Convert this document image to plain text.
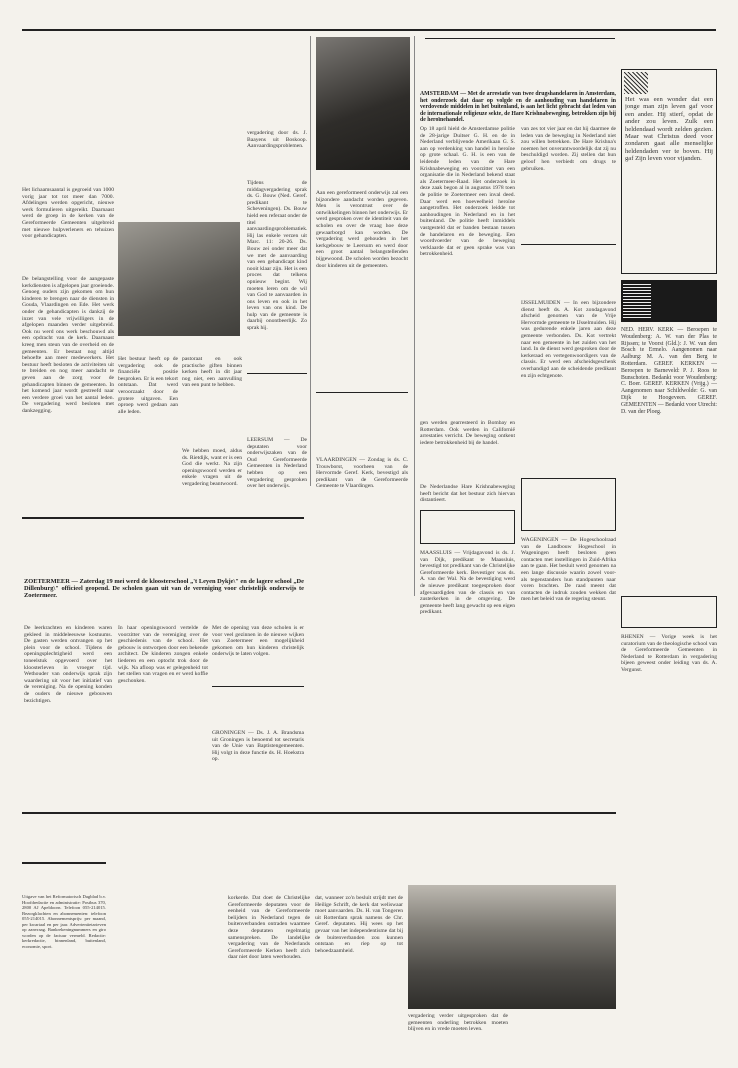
Het lichaamsaantal is gegroeid van 1000 vorig jaar tot tot meer dan 7000. Afdelingen werden opgericht, nieuwe werk formulieren uitgereikt. Daarnaast werd de groep in de kerken van de Gereformeerde Gemeenten uitgebreid met nieuwe hulpverleners en tehuizen voor gehandicapten.
De belangstelling voor de aangepaste kerkdiensten is afgelopen jaar groeiende. Genoeg ouders zijn gekomen om hun kinderen te brengen naar de diensten in Gouda, Vlaardingen en Ede. Het werk onder de gehandicapten is dankzij de inzet van vele vrijwilligers in de afgelopen maanden verder uitgebreid. Ook nu werd ons werk beschouwd als een opdracht van de kerk. Daarnaast kreeg men steun van de overheid en de gemeenten. Er bestaat nog altijd behoefte aan meer medewerkers. Het bestuur heeft besloten de activiteiten uit te breiden en nog meer aandacht te geven aan de zorg voor de gehandicapten binnen de gemeenten. In het komend jaar wordt gestreefd naar een verdere groei van het aantal leden. De vergadering werd besloten met dankzegging.
Het bestuur heeft op de vergadering ook de financiële positie besproken. Er is een tekort ontstaan. Dat werd veroorzaakt door de grotere uitgaven. Een oproep werd gedaan aan alle leden.
pastoraat en ook practische giften binnen kerken heeft in dit jaar nog niet, een aanvulling van een punt te hebben.
We hebben moed, aldus ds. Rietdijk, want er is een God die werkt. Na zijn openingswoord werden er enkele vragen uit de vergadering beantwoord.
vergadering door ds. J. Baayens uit Boskoop. Aanvaardingsproblemen.
Tijdens de middagvergadering sprak ds. G. Bouw (Ned. Geref. predikant te Scheveningen). Ds. Bouw hield een referaat onder de titel aanvaardingsproblematiek. Hij las enkele verzen uit Marc. 11: 20-26. Ds. Bouw zei onder meer dat we met de aanvaarding van een gehandicapt kind nooit klaar zijn. Het is een proces dat telkens opnieuw begint. Wij moeten leren om de wil van God te aanvaarden in ons leven en ook in het leven van ons kind. De hulp van de gemeente is daarbij onontbeerlijk. Zo sprak hij.
LEERSUM — De deputaten voor onderwijszaken van de Oud Gereformeerde Gemeenten in Nederland hebben op een vergadering gesproken over het onderwijs.
Aan een gereformeerd onderwijs zal een bijzondere aandacht worden gegeven. Men is verontrust over de ontwikkelingen binnen het onderwijs. Er werd gesproken over de identiteit van de scholen en over de vraag hoe deze gewaarborgd kan worden. De vergadering werd gehouden in het kerkgebouw te Leersum en werd door een groot aantal belangstellenden bijgewoond. De scholen worden bezocht door kinderen uit de gemeenten.
VLAARDINGEN — Zondag is ds. C. Trouwborst, voorheen van de Hervormde Geref. Kerk, bevestigd als predikant van de Gereformeerde Gemeente te Vlaardingen.
AMSTERDAM — Met de arrestatie van twee drugshandelaren in Amsterdam, het onderzoek dat daar op volgde en de aanhouding van handelaren in verdovende middelen in het buitenland, is aan het licht gebracht dat leden van de internationale religieuze sekte, de Hare Krishnabeweging, betrokken zijn bij de heroïnehandel.
Op 18 april hield de Amsterdamse politie de 28-jarige Duitser G. H. en de in Nederland verblijvende Amerikaan G. S. aan op verdenking van handel in heroïne op grote schaal. G. H. is een van de leidende leden van de Hare Krishnabeweging en voorzitter van een organisatie die in Nederland bekend staat als Zoetermeer-Raad. Het onderzoek in deze zaak begon al in augustus 1978 toen de politie te Zoetermeer een inval deed. Daar werd een hoeveelheid heroïne aangetroffen. Het onderzoek leidde tot aanhoudingen in Nederland en in het buitenland. De politie heeft inmiddels vastgesteld dat er banden bestaan tussen de handelaren en de beweging. Een woordvoerder van de beweging verklaarde dat er geen sprake was van betrokkenheid.
van zes tot vier jaar en dat hij daarmee de leden van de beweging in Nederland niet zou willen betrekken. De Hare Krishna's noemen het onverantwoordelijk dat zij nu beschuldigd worden. Zij stellen dat hun geloof hen verbiedt om drugs te gebruiken.
IJSSELMUIDEN — In een bijzondere dienst heeft ds. A. Kot zondagavond afscheid genomen van de Vrije Hervormde gemeente te IJsselmuiden. Hij was gedurende enkele jaren aan deze gemeente verbonden. Ds. Kot vertrekt naar een gemeente in het zuiden van het land. In de dienst werd gesproken door de kerkeraad en vertegenwoordigers van de classis. Er werd een afscheidsgeschenk overhandigd aan de scheidende predikant en zijn echtgenote.
gen werden gearresteerd in Bombay en Rotterdam. Ook werden in Californië arrestaties verricht. De beweging ontkent iedere betrokkenheid bij de handel.
De Nederlandse Hare Krishnabeweging heeft bericht dat het bestuur zich hiervan distantieert.
MAASSLUIS — Vrijdagavond is ds. J. van Dijk, predikant te Maassluis, bevestigd tot predikant van de Christelijke Gereformeerde kerk. Bevestiger was ds. A. van der Wal. Na de bevestiging werd de nieuwe predikant toegesproken door afgevaardigden van de classis en van zusterkerken in de omgeving. De gemeente heeft lang gewacht op een eigen predikant.
WAGENINGEN — De Hogeschoolraad van de Landbouw Hogeschool in Wageningen heeft besloten geen contacten met instellingen in Zuid-Afrika aan te gaan. Het besluit werd genomen na een lange discussie waarin zowel voor- als tegenstanders hun standpunten naar voren brachten. De raad meent dat contacten de indruk zouden wekken dat men het beleid van de regering steunt.
Het was een wonder dat een jonge man zijn leven gaf voor een ander. Hij stierf, opdat de ander zou leven. Zulk een heldendaad wordt zelden gezien. Maar wat Christus deed voor zondaren gaat alle menselijke heldendaden ver te boven. Hij gaf Zijn leven voor vijanden.
NED. HERV. KERK — Beroepen te Woudenberg: A. W. van der Plas te Rijssen; te Voorst (Gld.): J. W. van den Bosch te Ermelo. Aangenomen naar Aalburg: M. A. van den Berg te Rotterdam. GEREF. KERKEN — Beroepen te Barneveld: P. J. Roos te Bunschoten. Bedankt voor Woudenberg: C. Boer. GEREF. KERKEN (Vrijg.) — Aangenomen naar Schildwolde: G. van Dijk te Hoogeveen. GEREF. GEMEENTEN — Bedankt voor Utrecht: D. van der Ploeg.
RHENEN — Vorige week is het curatorium van de theologische school van de Gereformeerde Gemeenten in Nederland te Rotterdam in vergadering bijeen geweest onder leiding van ds. A. Vergunst.
ZOETERMEER — Zaterdag 19 mei werd de kloosterschool „'t Leyen Dykje\" en de lagere school „De Dillenburg\" officieel geopend. De scholen gaan uit van de vereniging voor christelijk onderwijs te Zoetermeer.
De leerkrachten en kinderen waren gekleed in middeleeuwse kostuums. De gasten werden ontvangen op het plein voor de school. Tijdens de openingsplechtigheid werd een toneelstuk opgevoerd over het kloosterleven in vroeger tijd. Wethouder van onderwijs sprak zijn waardering uit voor het initiatief van de vereniging. Na de opening konden de ouders de nieuwe gebouwen bezichtigen.
In haar openingswoord vertelde de voorzitter van de vereniging over de geschiedenis van de school. Het gebouw is ontworpen door een bekende architect. De kinderen zongen enkele liederen en een optocht trok door de wijk. Na afloop was er gelegenheid tot het stellen van vragen en er werd koffie geschonken.
Met de opening van deze scholen is er voor veel gezinnen in de nieuwe wijken van Zoetermeer een mogelijkheid gekomen om hun kinderen christelijk onderwijs te laten volgen.
GRONINGEN — Ds. J. A. Brandsma uit Groningen is benoemd tot secretaris van de Unie van Baptistengemeenten. Hij volgt in deze functie ds. H. Hoekstra op.
korkerde. Dat doet de Christelijke Gereformeerde deputaten voor de eenheid van de Gereformeerde belijders in Nederland tegen de buitenverbanden ontraden waarmee deze deputaten regelmatig samenspreken. De landelijke vergadering van de Nederlands Gereformeerde Kerken heeft zich daar niet door laten weerhouden.
dat, wanneer zo'n besluit strijdt met de Heilige Schrift, de kerk dat weliswaar moet aanvaarden. Ds. H. van Tongeren uit Rotterdam sprak namens de Chr. Geref. deputaten. Hij wees op het gevaar van het independentisme dat bij de buitenverbanden zou kunnen ontstaan en riep op tot behoedzaamheid.
vergadering verder uitgesproken dat de gemeenten onderling betrokken moeten blijven en in vrede moeten leven.
Uitgave van het Reformatorisch Dagblad b.v. Hoofdredactie en administratie: Postbus 370, 2800 AJ Apeldoorn. Telefoon 055-214015. Bezorgklachten en abonnementen: telefoon 055-214015. Abonnementsprijs: per maand, per kwartaal en per jaar. Advertentietarieven op aanvraag. Bankrekeningnummers en giro worden op de factuur vermeld. Redactie: kerkredactie, binnenland, buitenland, economie, sport.
